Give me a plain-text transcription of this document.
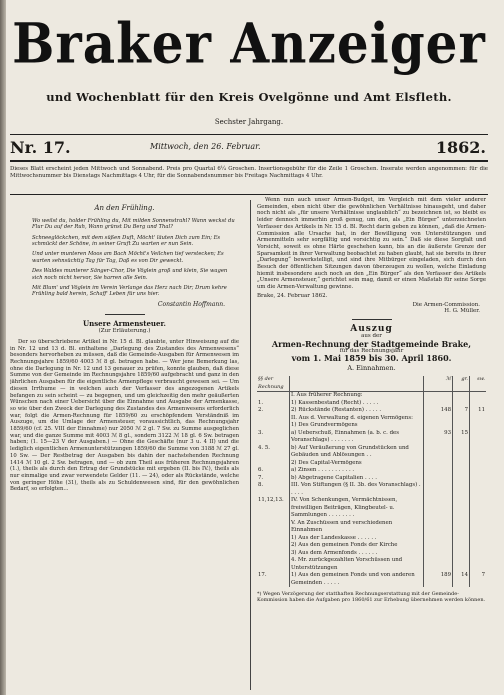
Braker Anzeiger
und Wochenblatt für den Kreis Ovelgönne und Amt Elsfleth.
Sechster Jahrgang.
Nr. 17.	Mittwoch, den 26. Februar.	1862.
Dieses Blatt erscheint jeden Mittwoch und Sonnabend. Preis pro Quartal 6¼ Groschen. Insertionsgebühr für die Zeile 1 Groschen. Inserate werden angenommen: für die Mittwochsnummer bis Dienstags Nachmittags 4 Uhr, für die Sonnabendsnummer bis Freitags Nachmittags 4 Uhr.
An den Frühling.

Wo weilst du, holder Frühling du, Mit milden Sonnenstrahl? Wann weckst du Flur Du auf der Ruh, Wann grünst Du Berg und Thal?

Schneeglöckchen, mit dem süßen Duft, Möcht' läuten Dich zum Ein; Es schmückt der Schöne, in seiner Gruft Zu warten er nun Sein.

Und unter munteren Moos am Bach Möcht's Veilchen tief verstecken; Es warten sehnsüchtig Tag für Tag, Daß es von Dir geweckt.

Des Waldes munterer Sänger-Chor, Die Vöglein groß und klein, Sie wagen sich noch nicht hervor, Sie harren alle Sein.

Mit Blum' und Vöglein im Verein Verlange das Herz nach Dir; Drum kehre Frühling bald herein, Schaff' Leben für uns hier.

Constantin Hoffmann.
Unsere Armensteuer.
(Zur Erläuterung.)

Der so überschriebene Artikel in Nr. 15 d. Bl. glaubte, unter Hinweisung auf die in Nr. 12 und 13 d. Bl. enthaltene „Darlegung des Zustandes des Armenwesens“ besonders hervorheben zu müssen, daß die Gemeinde-Ausgaben für Armenwesen im Rechnungsjahre 1859/60 4003 ℳ 8 gl. betragen habe. — Wer jene Bemerkung las, ohne die Darlegung in Nr. 12 und 13 genauer zu prüfen, konnte glauben, daß diese Summe von der Gemeinde im Rechnungsjahre 1859/60 aufgebracht und ganz in den jährlichen Ausgaben für die eigentliche Armenpflege verbraucht gewesen sei. — Um diesen Irrthume — in welchen auch der Verfasser des angezogenen Artikels befangen zu sein scheint — zu begegnen, und um gleichzeitig den mehr geäußerten Wünschen nach einer Uebersicht über die Einnahme und Ausgabe der Armenkasse, so wie über den Zweck der Darlegung des Zustandes des Armenwesens erforderlich war, folgt die Armen-Rechnung für 1859/60 zu erschöpfendem Verständniß im Auszuge, um die Umlage der Armensteuer, voraussichtlich, das Rechnungsjahr 1859/60 (cf. 25. VIII der Einnahme) nur 2050 ℳ 2 gl. 7 Sw. zu Summe ausgeglichen war, und die ganze Summe mit 4003 ℳ 8 gl., sondern 3122 ℳ 18 gl. 6 Sw. betragen haben; (1. 15—23 V der Ausgaben.) — Ohne die Geschäfte (nur 3 u. 4 II) und die lediglich eigentlichen Armenunterstützungen 1859/60 die Summe von 3188 ℳ 27 gl. 10 Sw. — Der Restbetrag der Ausgaben bis dahin der nachstehenden Rechnung 1414 ℳ 10 gl. 2 Sw. betragen, und — ob zum Theil aus früheren Rechnungsjahren (1.), theils als durch den Ertrag der Grundstücke mit ergeben (II. bis IV.), theils als nur einmalige und zwar verwendete Gelder (11. — 24), oder als Rückstände, welche von geringer Höhe (31), theils als zu Schuldenwesen sind, für den gewöhnlichen Bedarf, so erfolgten...

Wenn nun auch unser Armen-Budget, im Vergleich mit dem vieler anderer Gemeinden, eben nicht über die gewöhnlichen Verhältnisse hinausgeht, und daher noch nicht als „für unsere Verhältnisse unglaublich“ zu bezeichnen ist, so bleibt es leider dennoch immerhin groß genug, um den, als „Ein Bürger“ unterzeichneten Verfasser des Artikels in Nr. 15 d. Bl. Recht darin geben zu können, „daß die Armen-Commission alle Ursache hat, in der Bewilligung von Unterstützungen und Armenmitteln sehr sorgfältig und vorsichtig zu sein.“ Daß sie diese Sorgfalt und Vorsicht, soweit es ohne Härte geschehen kann, bis an die äußerste Grenze der Sparsamkeit in ihrer Verwaltung beobachtet zu haben glaubt, hat sie bereits in ihrer „Darlegung“ bewerkstelligt, und sind ihre Mitbürger eingeladen, sich durch den Besuch der öffentlichen Sitzungen davon überzeugen zu wollen, welche Einladung hiemit insbesondere auch noch an den „Ein Bürger“ als den Verfasser des Artikels „Unsere Armensteuer,“ gerichtet sein mag, damit er einen Maßstab für seine Sorge um die Armen-Verwaltung gewinne.

Brake, 24. Februar 1862.
Die Armen-Commission.
H. G. Müller.
Auszug
aus der
Armen-Rechnung der Stadtgemeinde Brake,
für das Rechnungsjahr
vom 1. Mai 1859 bis 30. April 1860.
A. Einnahmen.
§§ der Rechnung		ℳ	gr.	sw.
	I. Aus früherer Rechnung:			
1.	1) Kassenbestand (Recht) . . . . .			
2.	2) Rückstände (Restanten) . . . . .	148	7	11
	II. Aus d. Verwaltung d. eigenen Vermögens:			
	1) Des Grundvermögens			
3.	a) Ueberschuß, Einnahmen (a. b. c. des Voranschlags) . . . . . . .	93	15	
4. 5.	b) Auf Veräußerung von Grundstücken und Gebäuden und Ablösungen . .			
	2) Des Capital-Vermögens			
6.	a) Zinsen . . . . . . . . . . .			
7.	b) Abgetragene Capitalien . . . .			
8.	III. Von Stiftungen (§ II. 3b. des Voranschlags) . . . . .			
11,12,13.	IV. Von Schenkungen, Vermächtnissen, freiwilligen Beiträgen, Klingbeutel- u. Sammlungen . . . . . . . .			
	V. An Zuschüssen und verschiedenen Einnahmen			
	1) Aus der Landeskasse . . . . . .			
	2) Aus den gemeinen Fonds der Kirche			
	3) Aus dem Armenfonds . . . . . .			
	4. Mr. zurückgezahlten Vorschüssen und Unterstützungen			
17.	1) Aus den gemeinen Fonds und von anderen Gemeinden . . . . .	189	14	7
*) Wegen Verzögerung der statthaften Rechnungserstattung mit der Gemeinde-Kommission haben die Aufgaben pro 1860/61 zur Erhebung übernehmen werden können.
